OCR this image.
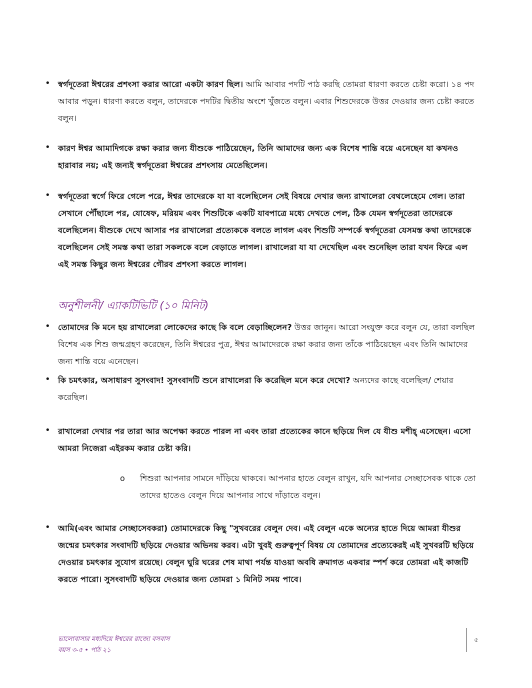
• স্বর্গদূতেরা ঈশ্বরের প্রশংসা করার আরো একটা কারণ ছিল। আমি আবার পদটি পাঠ করছি তোমরা ধারণা করতে চেষ্টা করো। ১৪ পদ আবার পড়ুন। ধারণা করতে বলুন, তাদেরকে পদটির দ্বিতীয় অংশে খুঁজতে বলুন। এবার শিশুদেরকে উত্তর দেওয়ার জন্য চেষ্টা করতে বলুন।
• কারণ ঈশ্বর আমাদিগকে রক্ষা করার জন্য যীশুকে পাঠিয়েছেন, তিনি আমাদের জন্য এক বিশেষ শান্তি বয়ে এনেছেন যা কখনও হারাবার নয়; এই জন্যই স্বর্গদূতেরা ঈশ্বরের প্রশংসায় মেতেছিলেন।
• স্বর্গদূতেরা স্বর্গে ফিরে গেলে পরে, ঈশ্বর তাদেরকে যা যা বলেছিলেন সেই বিষয়ে দেখার জন্য রাখালেরা বেথলেহেমে গেল। তারা সেখানে পৌঁছালে পর, যোষেফ, মরিয়ম এবং শিশুটিকে একটি যাবপাত্রে মধ্যে দেখতে পেল, ঠিক যেমন স্বর্গদূতেরা তাদেরকে বলেছিলেন। যীশুকে দেখে আসার পর রাখালেরা প্রত্যেককে বলতে লাগল এবং শিশুটি সম্পর্কে স্বর্গদূতেরা যেসমস্ত কথা তাদেরকে বলেছিলেন সেই সমস্ত কথা তারা সকলকে বলে বেড়াতে লাগল। রাখালেরা যা যা দেখেছিল এবং শুনেছিল তারা যখন ফিরে এল এই সমস্ত কিছুর জন্য ঈশ্বরের গৌরব প্রশংসা করতে লাগল।
অনুশীলনী/ এ্যাকটিভিটি (১০ মিনিট)
• তোমাদের কি মনে হয় রাখালেরা লোকেদের কাছে কি বলে বেড়াচ্ছিলেন? উত্তর জানুন। আরো সংযুক্ত করে বলুন যে, তারা বলছিল বিশেষ এক শিশু জন্মগ্রহণ করেছেন, তিনি ঈশ্বরের পুত্র, ঈশ্বর আমাদেরকে রক্ষা করার জন্য তাঁকে পাঠিয়েছেন এবং তিনি আমাদের জন্য শান্তি বয়ে এনেছেন।
• কি চমৎকার, অসাধারণ সুসংবাদ! সুসংবাদটি শুনে রাখালেরা কি করেছিল মনে করে দেখো? অন্যদের কাছে বলেছিল/ শেয়ার করেছিল।
• রাখালেরা দেখার পর তারা আর অপেক্ষা করতে পারল না এবং তারা প্রত্যেকের কানে ছড়িয়ে দিল যে যীশু মশীহ্ এসেছেন। এসো আমরা নিজেরা এইরকম করার চেষ্টা করি।
o শিশুরা আপনার সামনে দাঁড়িয়ে থাকবে। আপনার হাতে বেলুন রাখুন, যদি আপনার সেচ্ছাসেবক থাকে তো তাদের হাতেও বেলুন দিয়ে আপনার সাথে দাঁড়াতে বলুন।
• আমি(এবং আমার সেচ্ছাসেবকরা) তোমাদেরকে কিছু "সুখবরের বেলুন দেব। এই বেলুন একে অন্যের হাতে দিয়ে আমরা যীশুর জন্মের চমৎকার সংবাদটি ছড়িয়ে দেওয়ার অভিনয় করব। এটা খুবই গুরুত্বপূর্ণ বিষয় যে তোমাদের প্রত্যেকেরই এই সুখবরটি ছড়িয়ে দেওয়ার চমৎকার সুযোগ রয়েছে। বেলুন ঘুরি ঘরের শেষ মাথা পর্যন্ত যাওয়া অবধি ক্রমাগত একবার স্পর্শ করে তোমরা এই কাজটি করতে পারো। সুসংবাদটি ছড়িয়ে দেওয়ার জন্য তোমরা ১ মিনিট সময় পাবে।
ভালোবাসার মধ্যদিয়ে ঈশ্বরের রাজ্যে বসবাস
বয়স ৩-৫ • পাঠ ২১
৫
